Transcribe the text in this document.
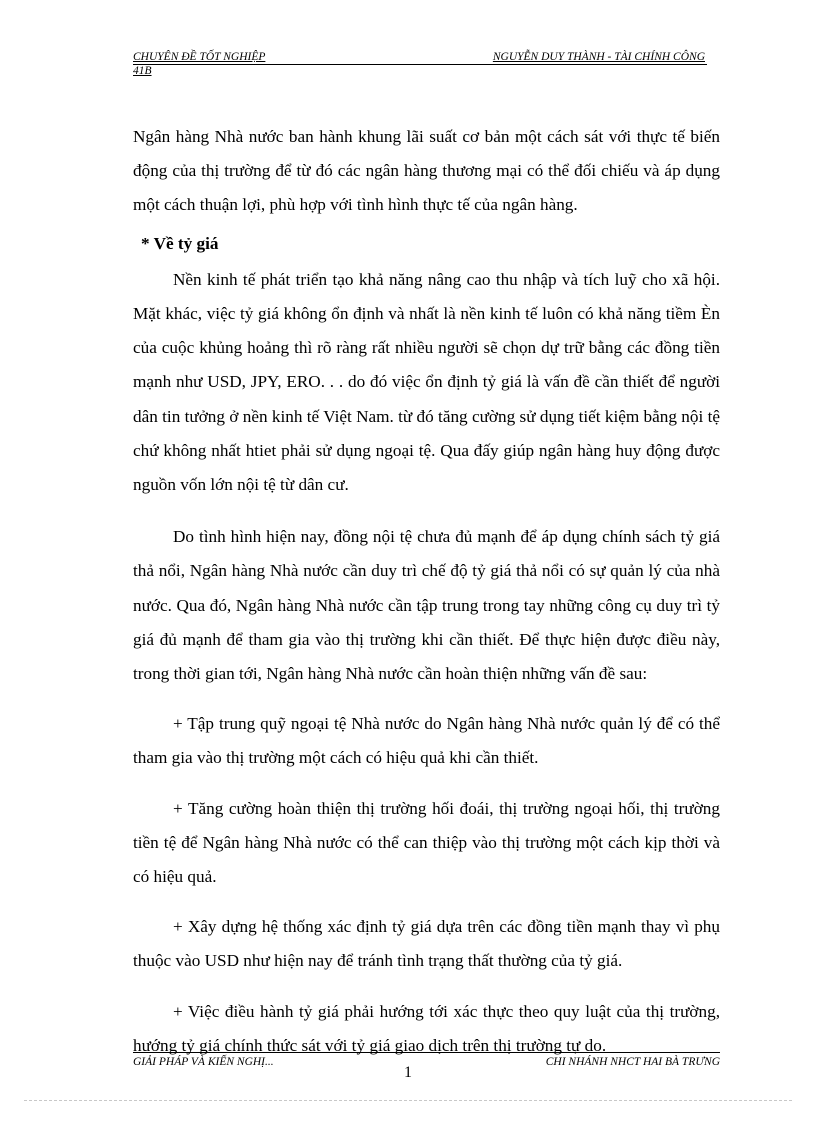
CHUYÊN ĐỀ TỐT NGHIỆP	NGUYỄN DUY THÀNH - TÀI CHÍNH CÔNG
41B

Ngân hàng Nhà nước ban hành khung lãi suất cơ bản một cách sát với thực tế biến động của thị trường để từ đó các ngân hàng thương mại có thể đối chiếu và áp dụng một cách thuận lợi, phù hợp với tình hình thực tế của ngân hàng.

* Về tỷ giá

Nền kinh tế phát triển tạo khả năng nâng cao thu nhập và tích luỹ cho xã hội. Mặt khác, việc tỷ giá không ổn định và nhất là nền kinh tế luôn có khả năng tiềm Èn của cuộc khủng hoảng thì rõ ràng rất nhiều người sẽ chọn dự trữ bằng các đồng tiền mạnh như USD, JPY, ERO. . . do đó việc ổn định tỷ giá là vấn đề cần thiết để người dân tin tưởng ở nền kinh tế Việt Nam. từ đó tăng cường sử dụng tiết kiệm bằng nội tệ chứ không nhất htiet phải sử dụng ngoại tệ. Qua đấy giúp ngân hàng huy động được nguồn vốn lớn nội tệ từ dân cư.

Do tình hình hiện nay, đồng nội tệ chưa đủ mạnh để áp dụng chính sách tỷ giá thả nổi, Ngân hàng Nhà nước cần duy trì chế độ tỷ giá thả nổi có sự quản lý của nhà nước. Qua đó, Ngân hàng Nhà nước cần tập trung trong tay những công cụ duy trì tỷ giá đủ mạnh để tham gia vào thị trường khi cần thiết. Để thực hiện được điều này, trong thời gian tới, Ngân hàng Nhà nước cần hoàn thiện những vấn đề sau:

+ Tập trung quỹ ngoại tệ Nhà nước do Ngân hàng Nhà nước quản lý để có thể tham gia vào thị trường một cách có hiệu quả khi cần thiết.

+ Tăng cường hoàn thiện thị trường hối đoái, thị trường ngoại hối, thị trường tiền tệ để Ngân hàng Nhà nước có thể can thiệp vào thị trường một cách kịp thời và có hiệu quả.

+ Xây dựng hệ thống xác định tỷ giá dựa trên các đồng tiền mạnh thay vì phụ thuộc vào USD như hiện nay để tránh tình trạng thất thường của tỷ giá.

+ Việc điều hành tỷ giá phải hướng tới xác thực theo quy luật của thị trường, hướng tỷ giá chính thức sát với tỷ giá giao dịch trên thị trường tự do.

GIẢI PHÁP VÀ KIẾN NGHỊ...	CHI NHÁNH NHCT HAI BÀ TRƯNG
1
